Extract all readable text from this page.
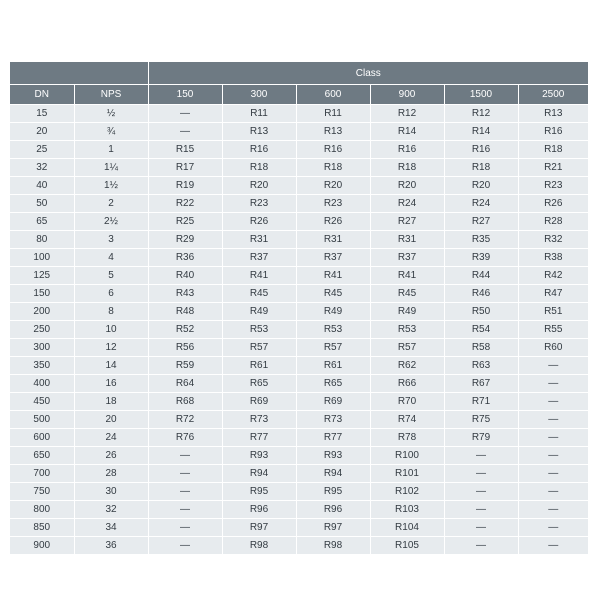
		Class					
DN	NPS	150	300	600	900	1500	2500
15	½	—	R11	R11	R12	R12	R13
20	¾	—	R13	R13	R14	R14	R16
25	1	R15	R16	R16	R16	R16	R18
32	1¼	R17	R18	R18	R18	R18	R21
40	1½	R19	R20	R20	R20	R20	R23
50	2	R22	R23	R23	R24	R24	R26
65	2½	R25	R26	R26	R27	R27	R28
80	3	R29	R31	R31	R31	R35	R32
100	4	R36	R37	R37	R37	R39	R38
125	5	R40	R41	R41	R41	R44	R42
150	6	R43	R45	R45	R45	R46	R47
200	8	R48	R49	R49	R49	R50	R51
250	10	R52	R53	R53	R53	R54	R55
300	12	R56	R57	R57	R57	R58	R60
350	14	R59	R61	R61	R62	R63	—
400	16	R64	R65	R65	R66	R67	—
450	18	R68	R69	R69	R70	R71	—
500	20	R72	R73	R73	R74	R75	—
600	24	R76	R77	R77	R78	R79	—
650	26	—	R93	R93	R100	—	—
700	28	—	R94	R94	R101	—	—
750	30	—	R95	R95	R102	—	—
800	32	—	R96	R96	R103	—	—
850	34	—	R97	R97	R104	—	—
900	36	—	R98	R98	R105	—	—
